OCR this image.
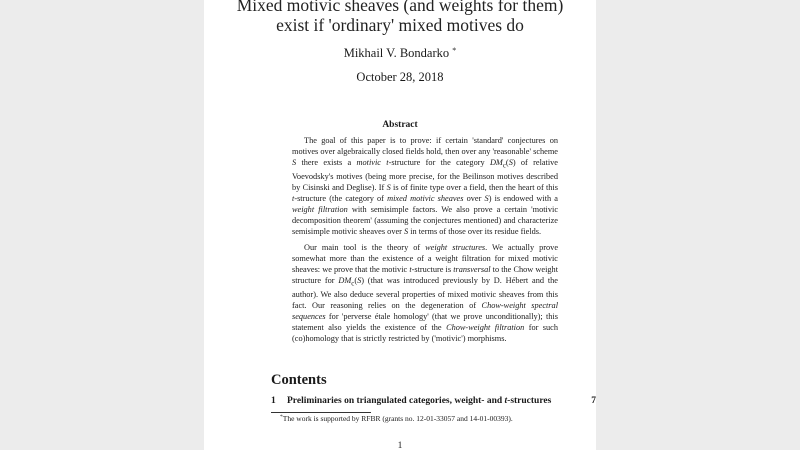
Mixed motivic sheaves (and weights for them)
exist if 'ordinary' mixed motives do
Mikhail V. Bondarko *
October 28, 2018
Abstract

The goal of this paper is to prove: if certain 'standard' conjectures on motives over algebraically closed fields hold, then over any 'reasonable' scheme S there exists a motivic t-structure for the category $DM_c(S)$ of relative Voevodsky's motives (being more precise, for the Beilinson motives described by Cisinski and Deglise). If S is of finite type over a field, then the heart of this t-structure (the category of mixed motivic sheaves over S) is endowed with a weight filtration with semisimple factors. We also prove a certain 'motivic decomposition theorem' (assuming the conjectures mentioned) and characterize semisimple motivic sheaves over S in terms of those over its residue fields.

Our main tool is the theory of weight structures. We actually prove somewhat more than the existence of a weight filtration for mixed motivic sheaves: we prove that the motivic t-structure is transversal to the Chow weight structure for $DM_c(S)$ (that was introduced previously by D. Hébert and the author). We also deduce several properties of mixed motivic sheaves from this fact. Our reasoning relies on the degeneration of Chow-weight spectral sequences for 'perverse étale homology' (that we prove unconditionally); this statement also yields the existence of the Chow-weight filtration for such (co)homology that is strictly restricted by ('motivic') morphisms.

Contents
1 Preliminaries on triangulated categories, weight- and t-structures	7
*The work is supported by RFBR (grants no. 12-01-33057 and 14-01-00393).
1
